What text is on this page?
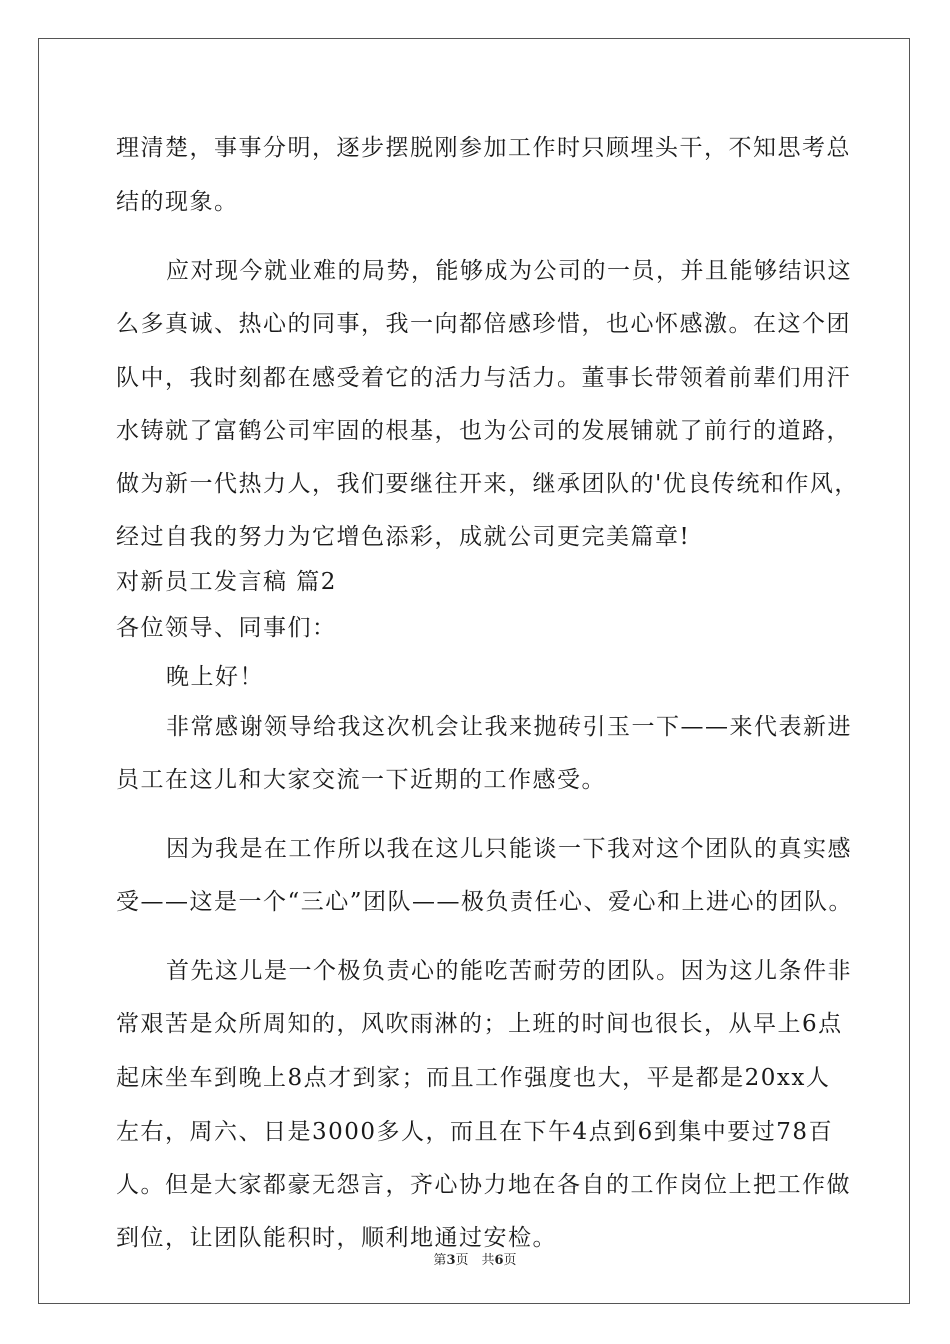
理清楚，事事分明，逐步摆脱刚参加工作时只顾埋头干，不知思考总
结的现象。
应对现今就业难的局势，能够成为公司的一员，并且能够结识这
么多真诚、热心的同事，我一向都倍感珍惜，也心怀感激。在这个团
队中，我时刻都在感受着它的活力与活力。董事长带领着前辈们用汗
水铸就了富鹤公司牢固的根基，也为公司的发展铺就了前行的道路，
做为新一代热力人，我们要继往开来，继承团队的'优良传统和作风，
经过自我的努力为它增色添彩，成就公司更完美篇章!
对新员工发言稿 篇2
各位领导、同事们：
晚上好！
非常感谢领导给我这次机会让我来抛砖引玉一下——来代表新进
员工在这儿和大家交流一下近期的工作感受。
因为我是在工作所以我在这儿只能谈一下我对这个团队的真实感
受——这是一个“三心”团队——极负责任心、爱心和上进心的团队。
首先这儿是一个极负责心的能吃苦耐劳的团队。因为这儿条件非
常艰苦是众所周知的，风吹雨淋的；上班的时间也很长，从早上6点
起床坐车到晚上8点才到家；而且工作强度也大，平是都是20xx人
左右，周六、日是3000多人，而且在下午4点到6到集中要过78百
人。但是大家都豪无怨言，齐心协力地在各自的工作岗位上把工作做
到位，让团队能积时，顺利地通过安检。
第3页　共6页
